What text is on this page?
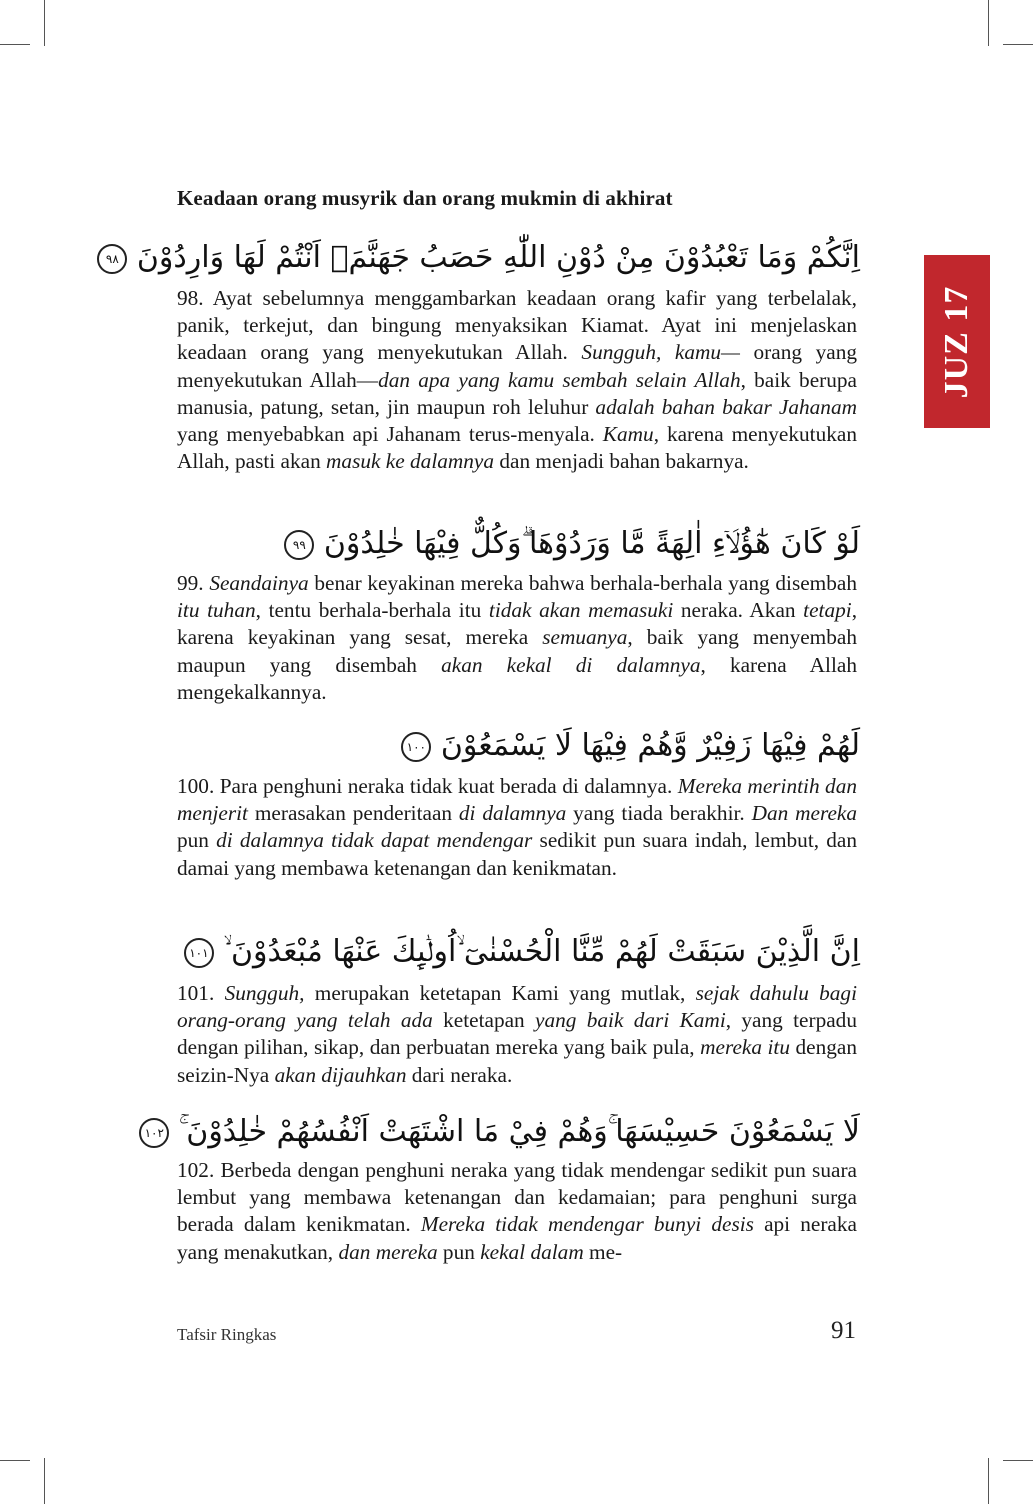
Keadaan orang musyrik dan orang mukmin di akhirat
JUZ 17
اِنَّكُمْ وَمَا تَعْبُدُوْنَ مِنْ دُوْنِ اللّٰهِ حَصَبُ جَهَنَّمَۗ اَنْتُمْ لَهَا وَارِدُوْنَ ٩٨
98. Ayat sebelumnya menggambarkan keadaan orang kafir yang terbelalak, panik, terkejut, dan bingung menyaksikan Kiamat. Ayat ini menjelaskan keadaan orang yang menyekutukan Allah. Sungguh, kamu— orang yang menyekutukan Allah—dan apa yang kamu sembah selain Allah, baik berupa manusia, patung, setan, jin maupun roh leluhur adalah bahan bakar Jahanam yang menyebabkan api Jahanam terus-menyala. Kamu, karena menyekutukan Allah, pasti akan masuk ke dalamnya dan menjadi bahan bakarnya.
لَوْ كَانَ هٰٓؤُلَاۤءِ اٰلِهَةً مَّا وَرَدُوْهَا ۗوَكُلٌّ فِيْهَا خٰلِدُوْنَ ٩٩
99. Seandainya benar keyakinan mereka bahwa berhala-berhala yang disembah itu tuhan, tentu berhala-berhala itu tidak akan memasuki neraka. Akan tetapi, karena keyakinan yang sesat, mereka semuanya, baik yang menyembah maupun yang disembah akan kekal di dalamnya, karena Allah mengekalkannya.
لَهُمْ فِيْهَا زَفِيْرٌ وَّهُمْ فِيْهَا لَا يَسْمَعُوْنَ ١٠٠
100. Para penghuni neraka tidak kuat berada di dalamnya. Mereka merintih dan menjerit merasakan penderitaan di dalamnya yang tiada berakhir. Dan mereka pun di dalamnya tidak dapat mendengar sedikit pun suara indah, lembut, dan damai yang membawa ketenangan dan kenikmatan.
اِنَّ الَّذِيْنَ سَبَقَتْ لَهُمْ مِّنَّا الْحُسْنٰىٓ ۙاُولٰۤىِٕكَ عَنْهَا مُبْعَدُوْنَ ۙ ١٠١
101. Sungguh, merupakan ketetapan Kami yang mutlak, sejak dahulu bagi orang-orang yang telah ada ketetapan yang baik dari Kami, yang terpadu dengan pilihan, sikap, dan perbuatan mereka yang baik pula, mereka itu dengan seizin-Nya akan dijauhkan dari neraka.
لَا يَسْمَعُوْنَ حَسِيْسَهَا ۚوَهُمْ فِيْ مَا اشْتَهَتْ اَنْفُسُهُمْ خٰلِدُوْنَ ۚ ١٠٢
102. Berbeda dengan penghuni neraka yang tidak mendengar sedikit pun suara lembut yang membawa ketenangan dan kedamaian; para penghuni surga berada dalam kenikmatan. Mereka tidak mendengar bunyi desis api neraka yang menakutkan, dan mereka pun kekal dalam me-
Tafsir Ringkas	91
